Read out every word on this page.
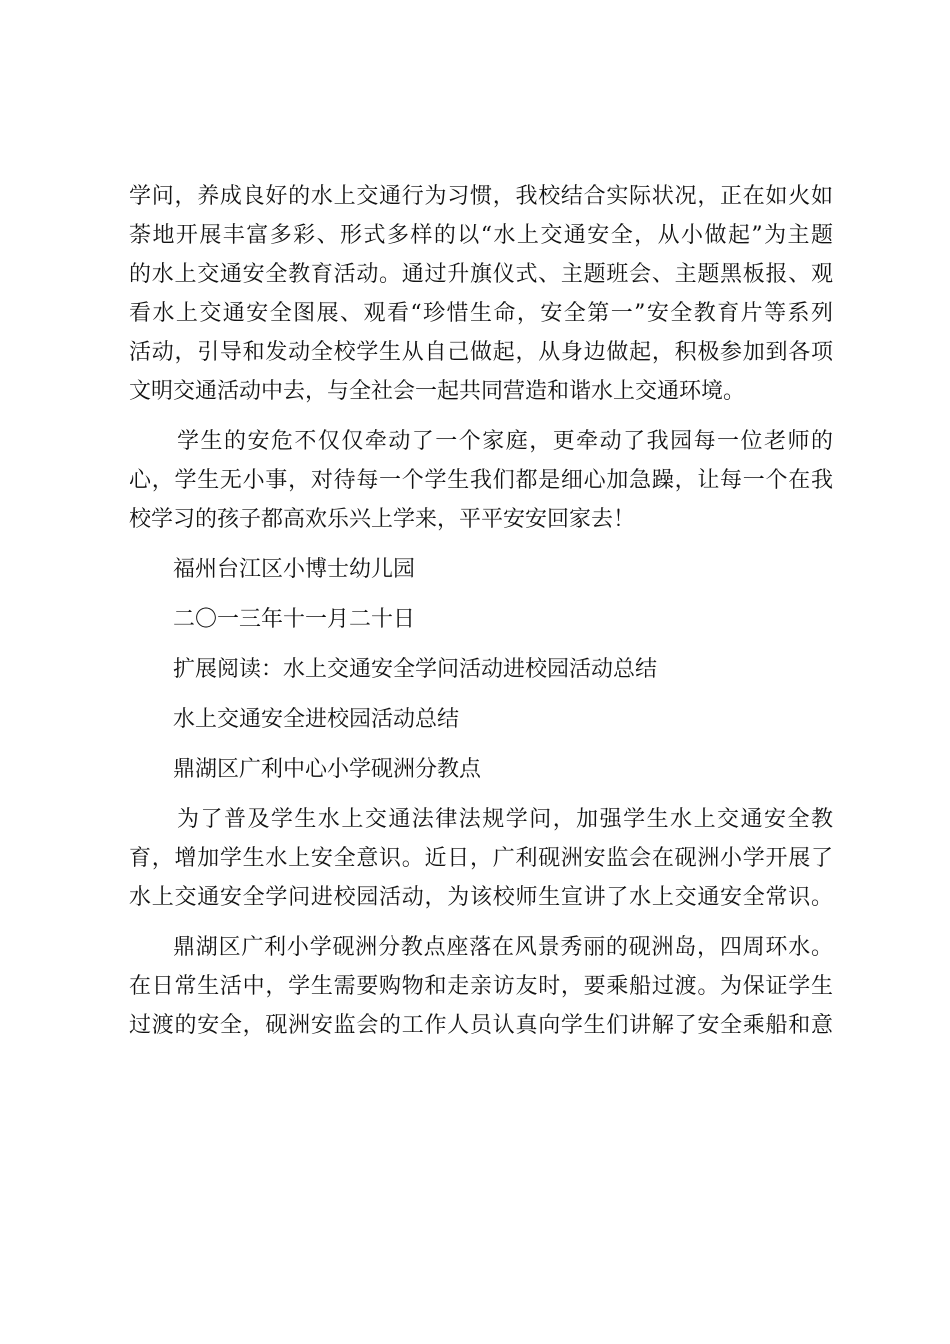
学问，养成良好的水上交通行为习惯，我校结合实际状况，正在如火如
荼地开展丰富多彩、形式多样的以“水上交通安全，从小做起”为主题
的水上交通安全教育活动。通过升旗仪式、主题班会、主题黑板报、观
看水上交通安全图展、观看“珍惜生命，安全第一”安全教育片等系列
活动，引导和发动全校学生从自己做起，从身边做起，积极参加到各项
文明交通活动中去，与全社会一起共同营造和谐水上交通环境。
学生的安危不仅仅牵动了一个家庭，更牵动了我园每一位老师的
心，学生无小事，对待每一个学生我们都是细心加急躁，让每一个在我
校学习的孩子都高欢乐兴上学来，平平安安回家去！
福州台江区小博士幼儿园
二〇一三年十一月二十日
扩展阅读：水上交通安全学问活动进校园活动总结
水上交通安全进校园活动总结
鼎湖区广利中心小学砚洲分教点
为了普及学生水上交通法律法规学问，加强学生水上交通安全教
育，增加学生水上安全意识。近日，广利砚洲安监会在砚洲小学开展了
水上交通安全学问进校园活动，为该校师生宣讲了水上交通安全常识。
鼎湖区广利小学砚洲分教点座落在风景秀丽的砚洲岛，四周环水。
在日常生活中，学生需要购物和走亲访友时，要乘船过渡。为保证学生
过渡的安全，砚洲安监会的工作人员认真向学生们讲解了安全乘船和意
